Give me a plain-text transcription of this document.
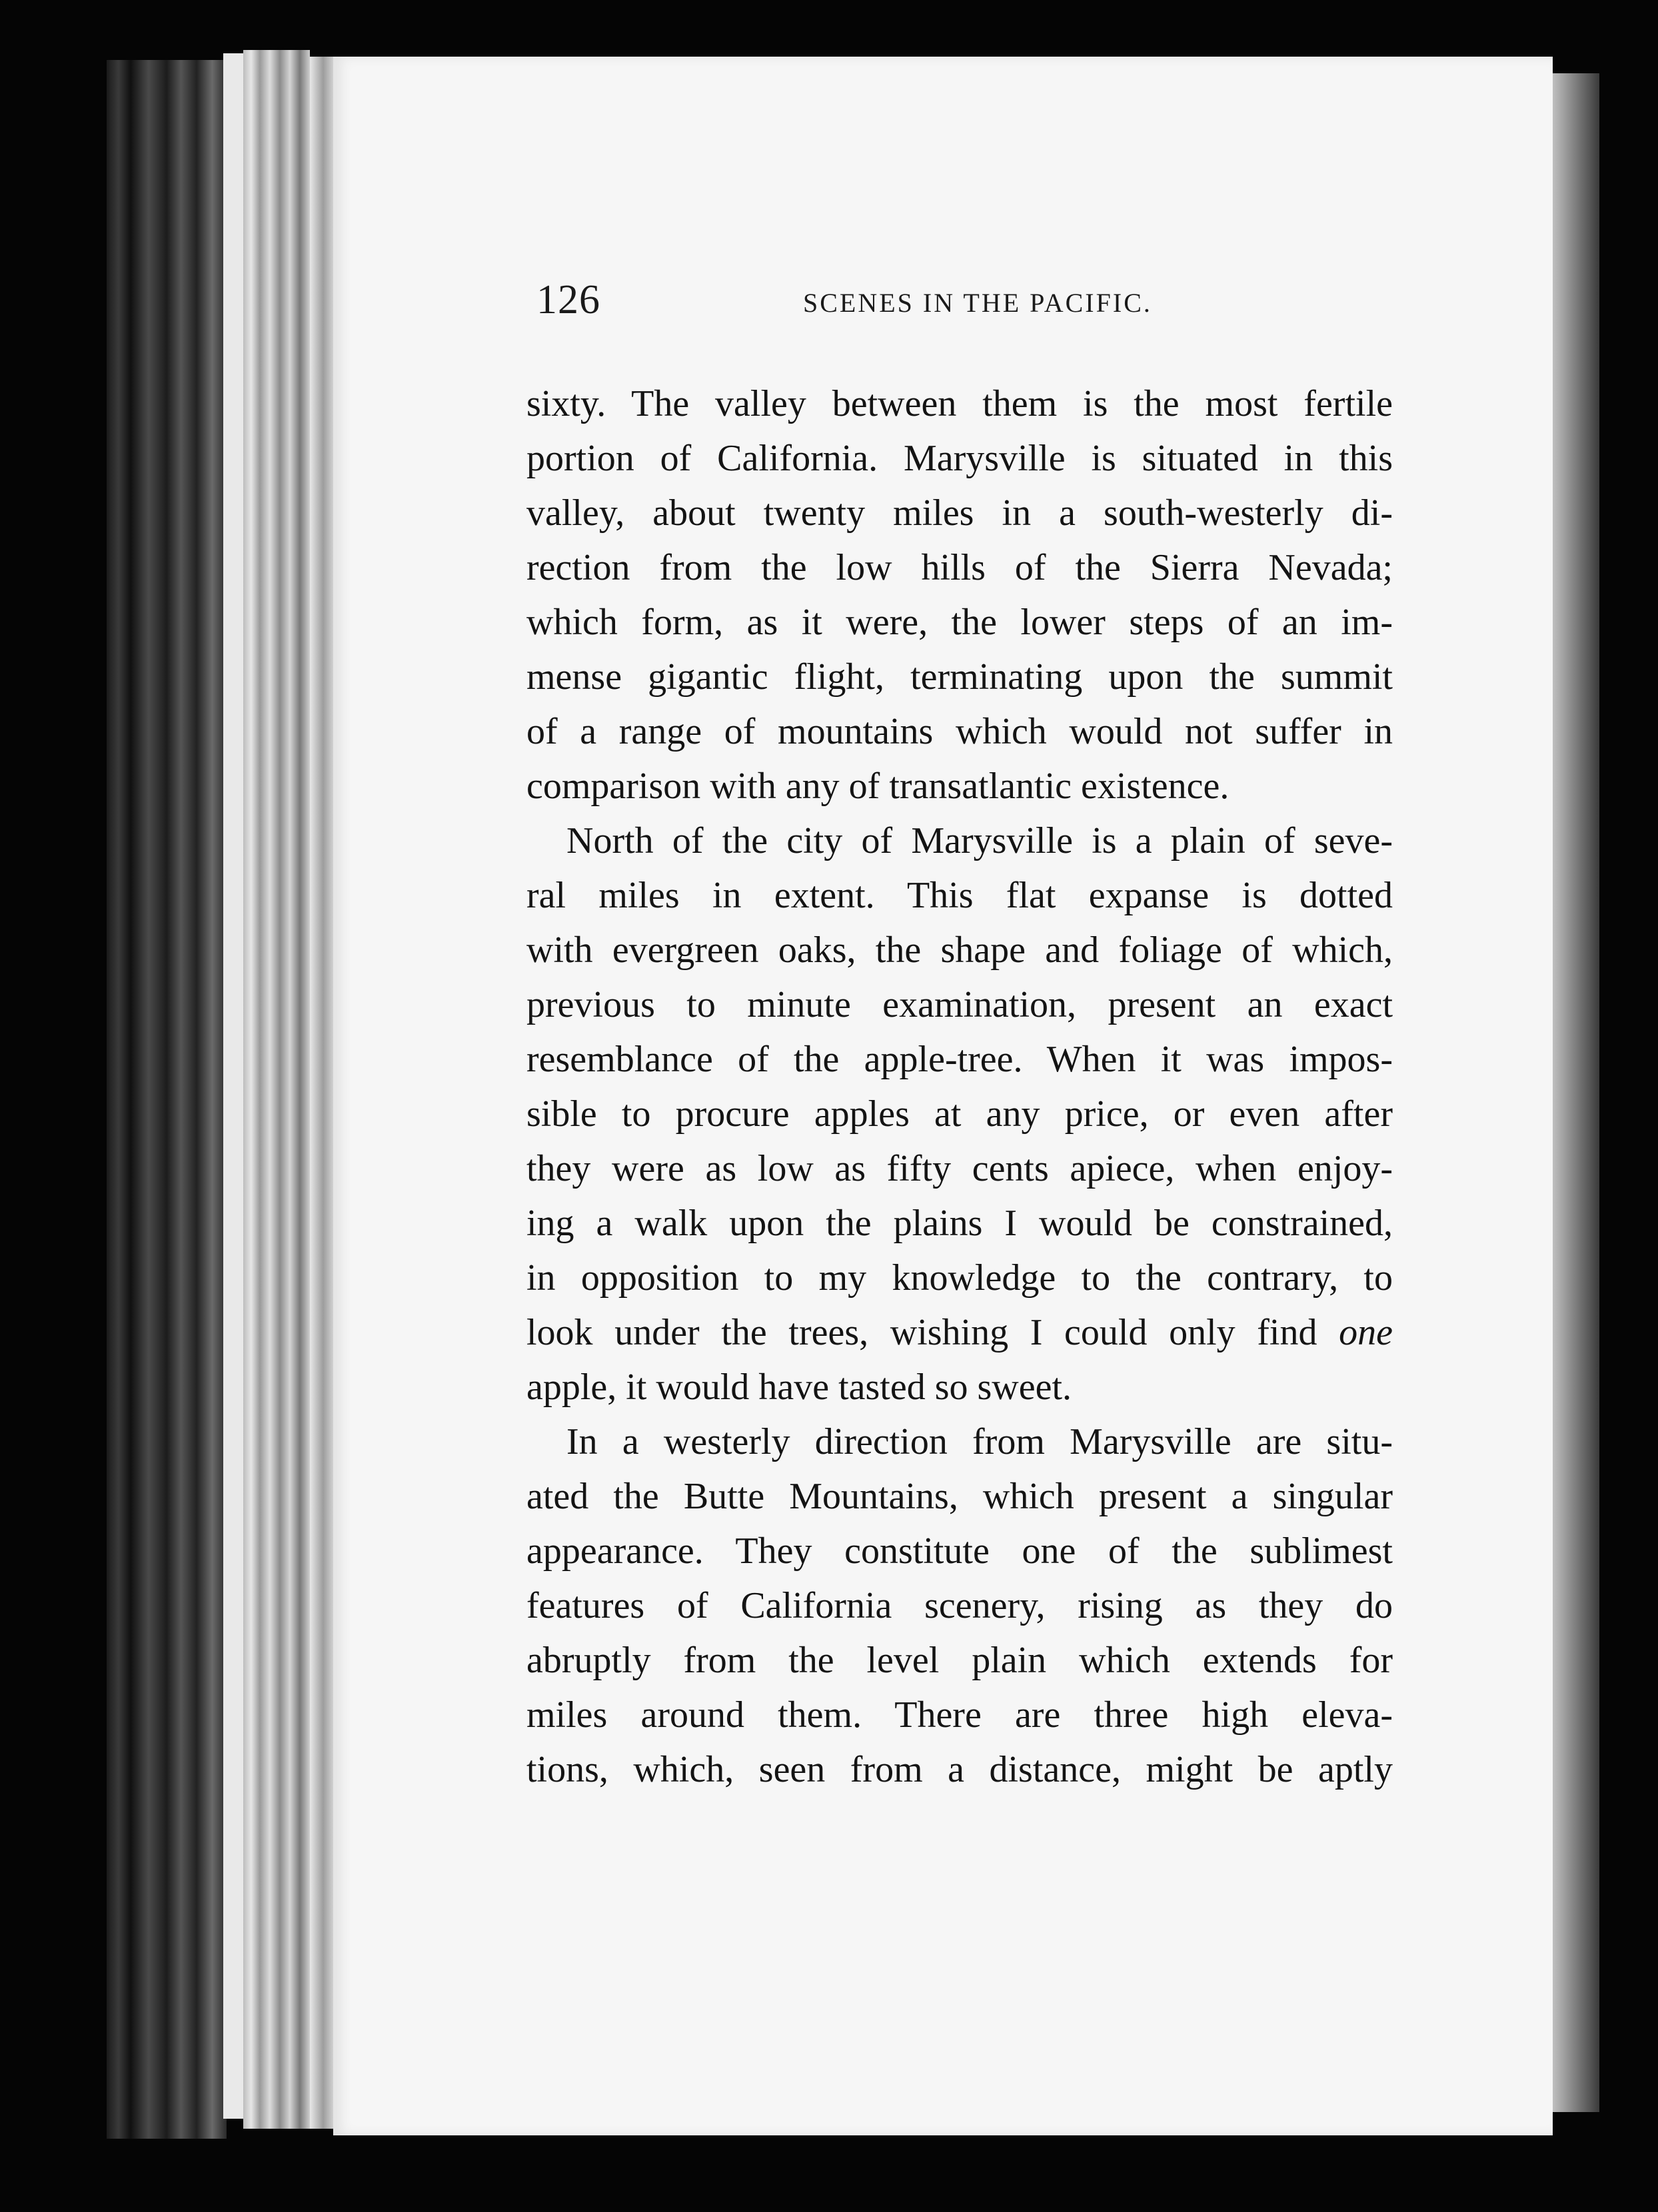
126	SCENES IN THE PACIFIC.
sixty. The valley between them is the most fertile
portion of California. Marysville is situated in this
valley, about twenty miles in a south-westerly di-
rection from the low hills of the Sierra Nevada;
which form, as it were, the lower steps of an im-
mense gigantic flight, terminating upon the summit
of a range of mountains which would not suffer in
comparison with any of transatlantic existence.
North of the city of Marysville is a plain of seve-
ral miles in extent. This flat expanse is dotted
with evergreen oaks, the shape and foliage of which,
previous to minute examination, present an exact
resemblance of the apple-tree. When it was impos-
sible to procure apples at any price, or even after
they were as low as fifty cents apiece, when enjoy-
ing a walk upon the plains I would be constrained,
in opposition to my knowledge to the contrary, to
look under the trees, wishing I could only find one
apple, it would have tasted so sweet.
In a westerly direction from Marysville are situ-
ated the Butte Mountains, which present a singular
appearance. They constitute one of the sublimest
features of California scenery, rising as they do
abruptly from the level plain which extends for
miles around them. There are three high eleva-
tions, which, seen from a distance, might be aptly
